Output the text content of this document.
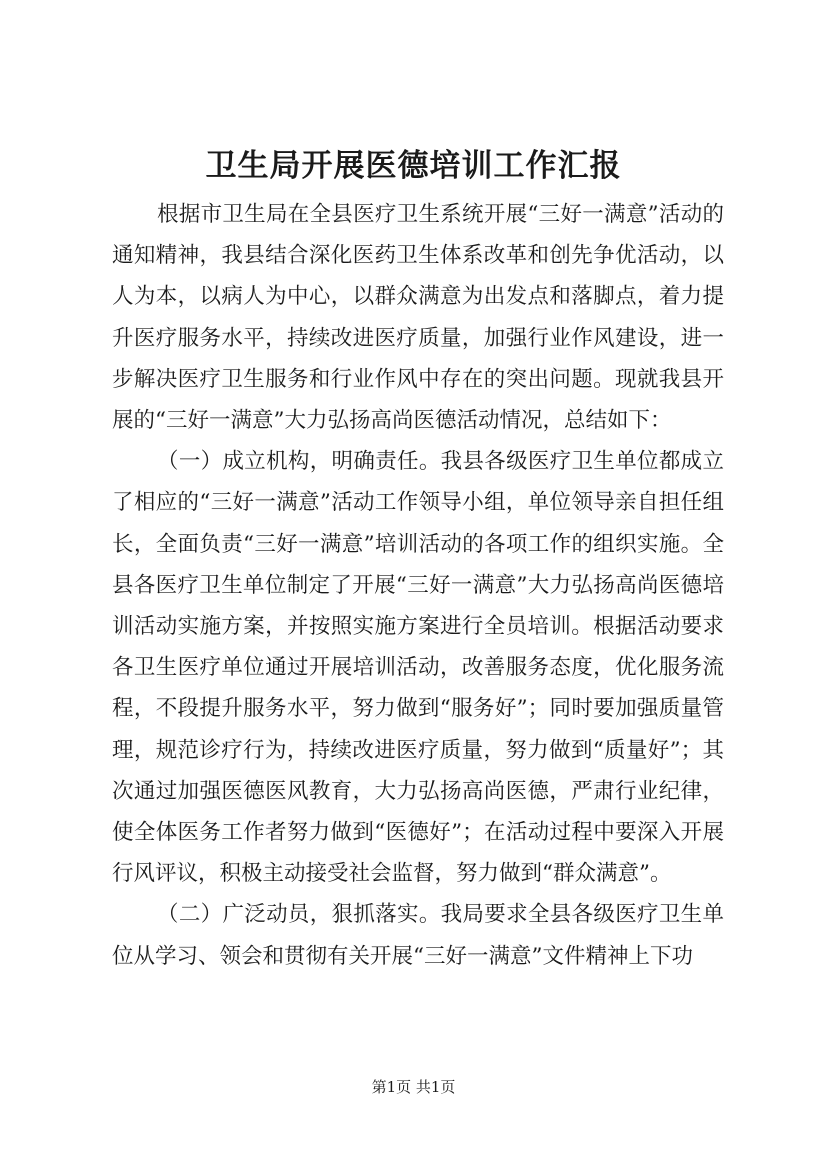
卫生局开展医德培训工作汇报

根据市卫生局在全县医疗卫生系统开展“三好一满意”活动的通知精神，我县结合深化医药卫生体系改革和创先争优活动，以人为本，以病人为中心，以群众满意为出发点和落脚点，着力提升医疗服务水平，持续改进医疗质量，加强行业作风建设，进一步解决医疗卫生服务和行业作风中存在的突出问题。现就我县开展的“三好一满意”大力弘扬高尚医德活动情况，总结如下：

（一）成立机构，明确责任。我县各级医疗卫生单位都成立了相应的“三好一满意”活动工作领导小组，单位领导亲自担任组长，全面负责“三好一满意”培训活动的各项工作的组织实施。全县各医疗卫生单位制定了开展“三好一满意”大力弘扬高尚医德培训活动实施方案，并按照实施方案进行全员培训。根据活动要求各卫生医疗单位通过开展培训活动，改善服务态度，优化服务流程，不段提升服务水平，努力做到“服务好”；同时要加强质量管理，规范诊疗行为，持续改进医疗质量，努力做到“质量好”；其次通过加强医德医风教育，大力弘扬高尚医德，严肃行业纪律，使全体医务工作者努力做到“医德好”；在活动过程中要深入开展行风评议，积极主动接受社会监督，努力做到“群众满意”。

（二）广泛动员，狠抓落实。我局要求全县各级医疗卫生单位从学习、领会和贯彻有关开展“三好一满意”文件精神上下功

第1页 共1页
